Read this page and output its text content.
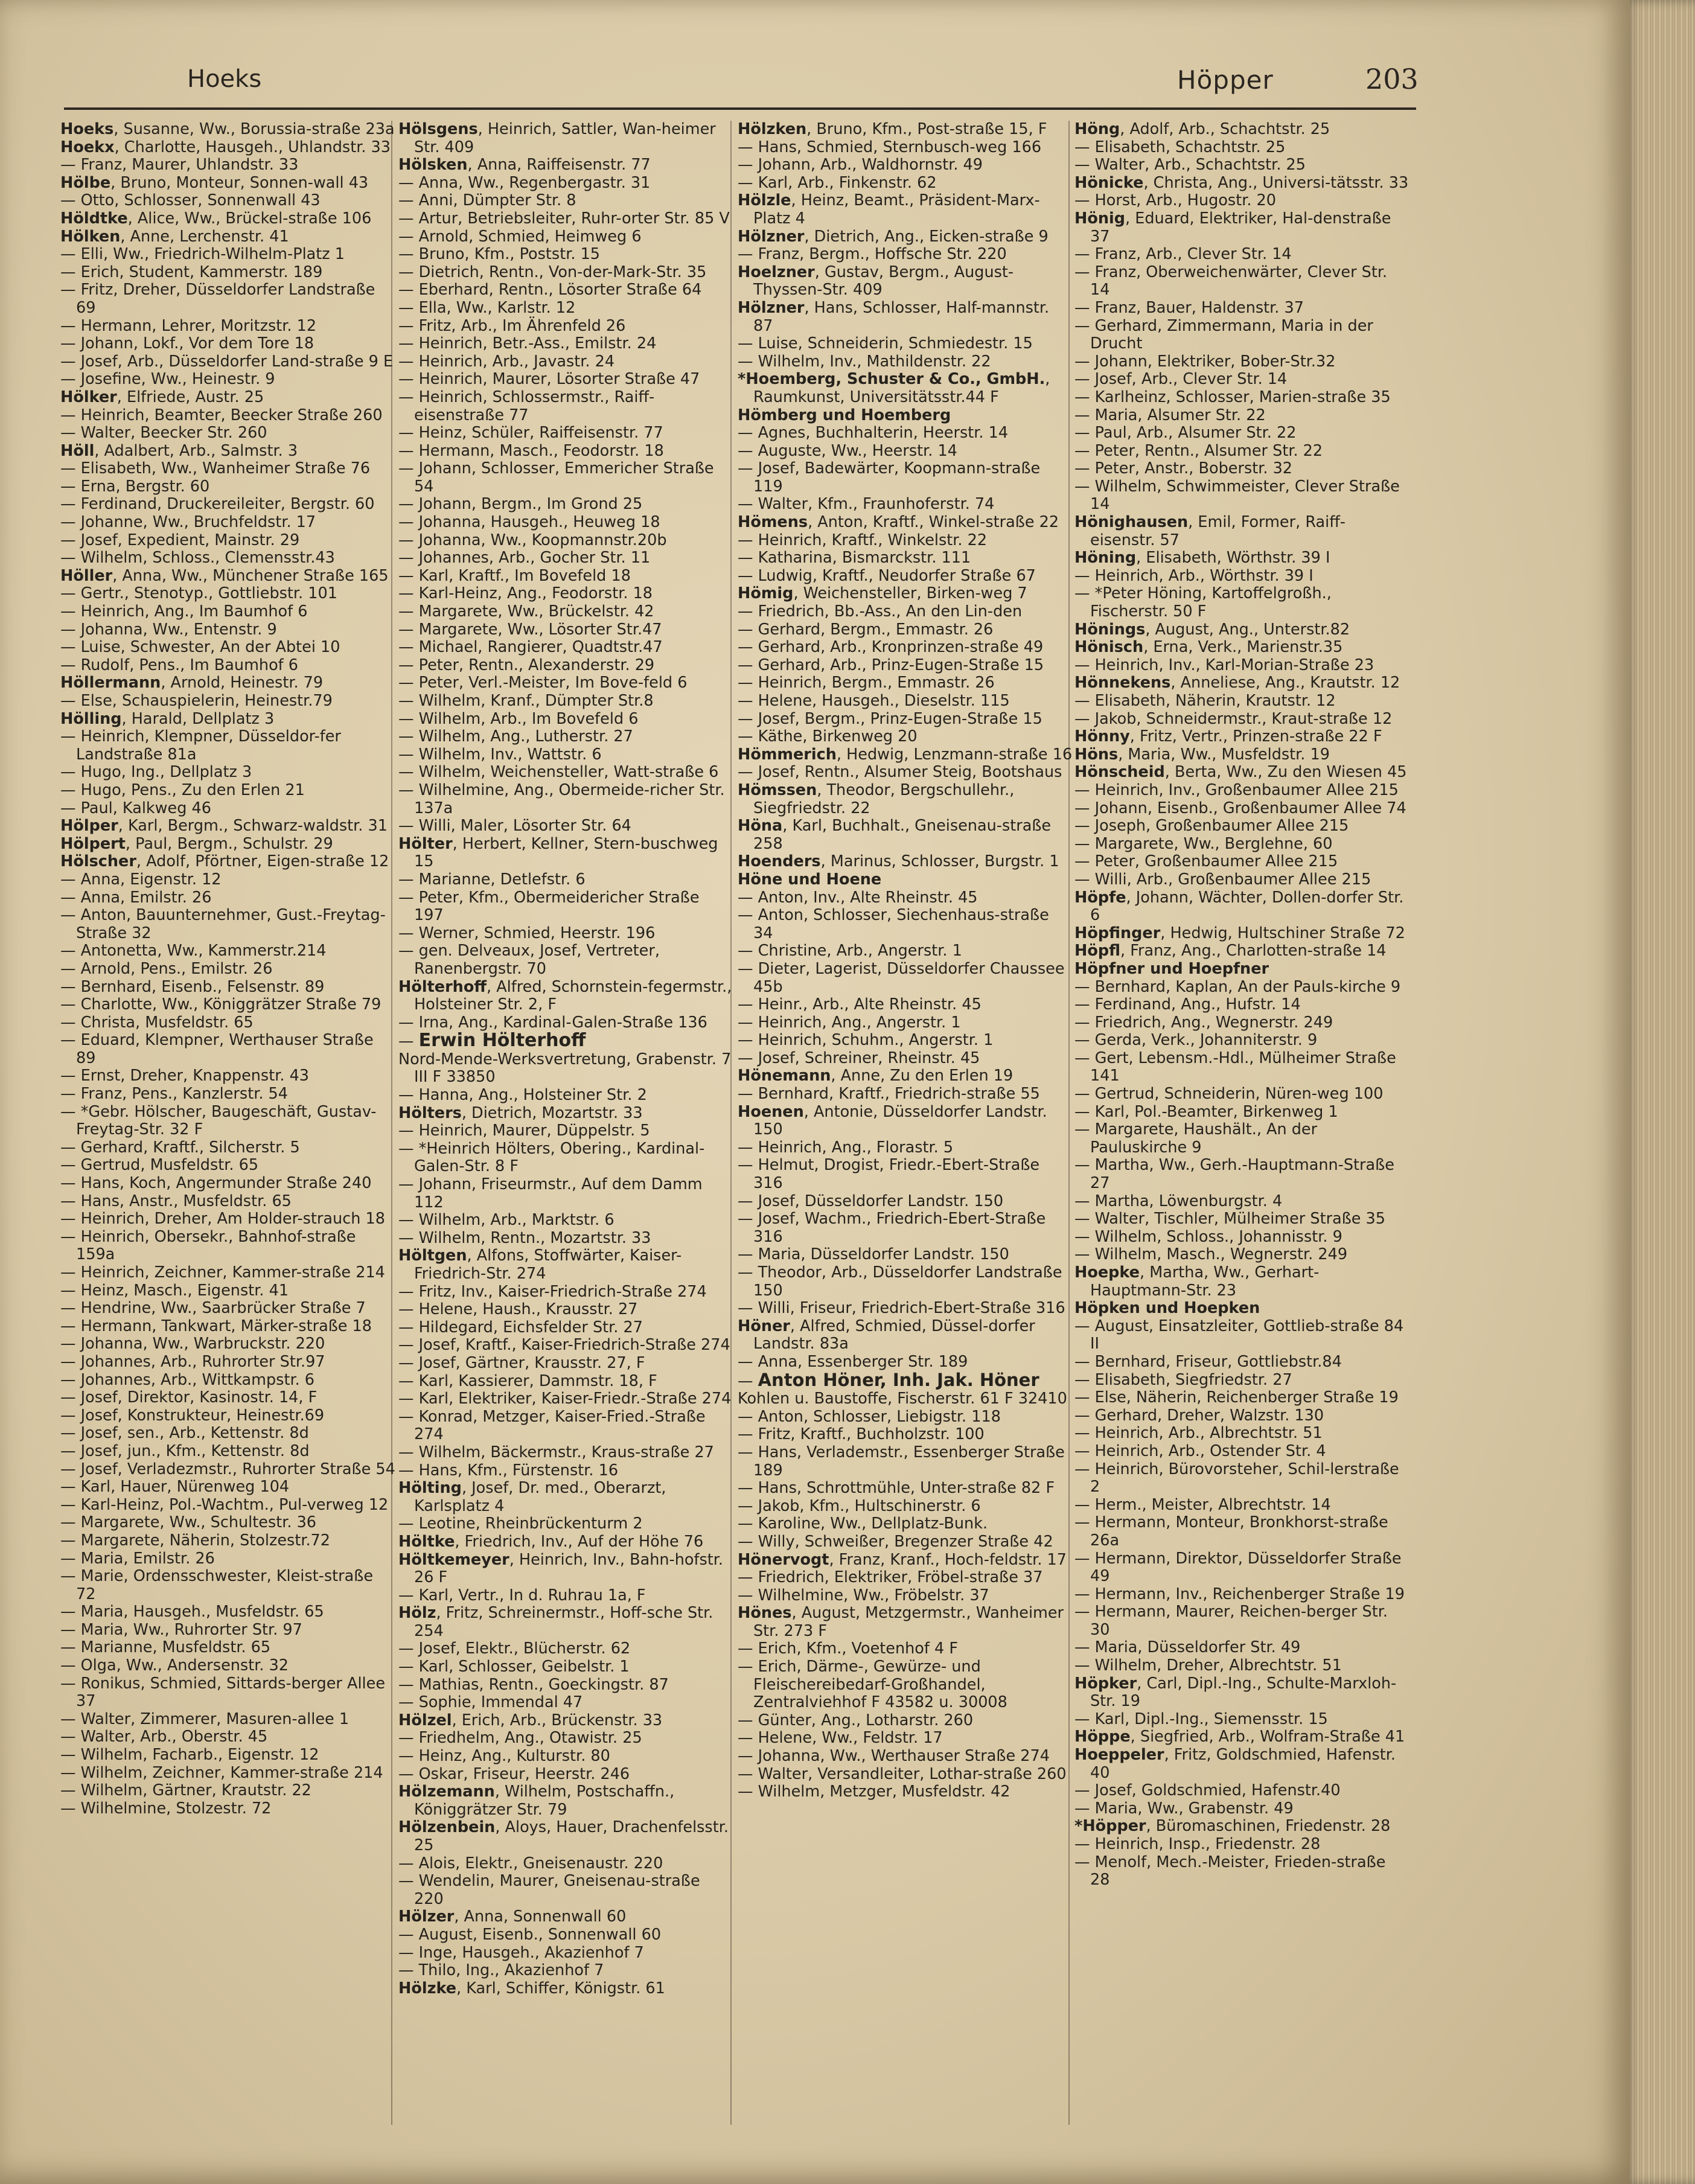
Hoeks	Höpper	203
Hoeks, Susanne, Ww., Borussia-straße 23a
Hoekx, Charlotte, Hausgeh., Uhlandstr. 33
— Franz, Maurer, Uhlandstr. 33
Hölbe, Bruno, Monteur, Sonnen-wall 43
— Otto, Schlosser, Sonnenwall 43
Höldtke, Alice, Ww., Brückel-straße 106
Hölken, Anne, Lerchenstr. 41
— Elli, Ww., Friedrich-Wilhelm-Platz 1
— Erich, Student, Kammerstr. 189
— Fritz, Dreher, Düsseldorfer Landstraße 69
— Hermann, Lehrer, Moritzstr. 12
— Johann, Lokf., Vor dem Tore 18
— Josef, Arb., Düsseldorfer Land-straße 9 E
— Josefine, Ww., Heinestr. 9
Hölker, Elfriede, Austr. 25
— Heinrich, Beamter, Beecker Straße 260
— Walter, Beecker Str. 260
Höll, Adalbert, Arb., Salmstr. 3
— Elisabeth, Ww., Wanheimer Straße 76
— Erna, Bergstr. 60
— Ferdinand, Druckereileiter, Bergstr. 60
— Johanne, Ww., Bruchfeldstr. 17
— Josef, Expedient, Mainstr. 29
— Wilhelm, Schloss., Clemensstr.43
Höller, Anna, Ww., Münchener Straße 165
— Gertr., Stenotyp., Gottliebstr. 101
— Heinrich, Ang., Im Baumhof 6
— Johanna, Ww., Entenstr. 9
— Luise, Schwester, An der Abtei 10
— Rudolf, Pens., Im Baumhof 6
Höllermann, Arnold, Heinestr. 79
— Else, Schauspielerin, Heinestr.79
Hölling, Harald, Dellplatz 3
— Heinrich, Klempner, Düsseldor-fer Landstraße 81a
— Hugo, Ing., Dellplatz 3
— Hugo, Pens., Zu den Erlen 21
— Paul, Kalkweg 46
Hölper, Karl, Bergm., Schwarz-waldstr. 31
Hölpert, Paul, Bergm., Schulstr. 29
Hölscher, Adolf, Pförtner, Eigen-straße 12
— Anna, Eigenstr. 12
— Anna, Emilstr. 26
— Anton, Bauunternehmer, Gust.-Freytag-Straße 32
— Antonetta, Ww., Kammerstr.214
— Arnold, Pens., Emilstr. 26
— Bernhard, Eisenb., Felsenstr. 89
— Charlotte, Ww., Königgrätzer Straße 79
— Christa, Musfeldstr. 65
— Eduard, Klempner, Werthauser Straße 89
— Ernst, Dreher, Knappenstr. 43
— Franz, Pens., Kanzlerstr. 54
— *Gebr. Hölscher, Baugeschäft, Gustav-Freytag-Str. 32 F
— Gerhard, Kraftf., Silcherstr. 5
— Gertrud, Musfeldstr. 65
— Hans, Koch, Angermunder Straße 240
— Hans, Anstr., Musfeldstr. 65
— Heinrich, Dreher, Am Holder-strauch 18
— Heinrich, Obersekr., Bahnhof-straße 159a
— Heinrich, Zeichner, Kammer-straße 214
— Heinz, Masch., Eigenstr. 41
— Hendrine, Ww., Saarbrücker Straße 7
— Hermann, Tankwart, Märker-straße 18
— Johanna, Ww., Warbruckstr. 220
— Johannes, Arb., Ruhrorter Str.97
— Johannes, Arb., Wittkampstr. 6
— Josef, Direktor, Kasinostr. 14, F
— Josef, Konstrukteur, Heinestr.69
— Josef, sen., Arb., Kettenstr. 8d
— Josef, jun., Kfm., Kettenstr. 8d
— Josef, Verladezmstr., Ruhrorter Straße 54
— Karl, Hauer, Nürenweg 104
— Karl-Heinz, Pol.-Wachtm., Pul-verweg 12
— Margarete, Ww., Schultestr. 36
— Margarete, Näherin, Stolzestr.72
— Maria, Emilstr. 26
— Marie, Ordensschwester, Kleist-straße 72
— Maria, Hausgeh., Musfeldstr. 65
— Maria, Ww., Ruhrorter Str. 97
— Marianne, Musfeldstr. 65
— Olga, Ww., Andersenstr. 32
— Ronikus, Schmied, Sittards-berger Allee 37
— Walter, Zimmerer, Masuren-allee 1
— Walter, Arb., Oberstr. 45
— Wilhelm, Facharb., Eigenstr. 12
— Wilhelm, Zeichner, Kammer-straße 214
— Wilhelm, Gärtner, Krautstr. 22
— Wilhelmine, Stolzestr. 72
Hölsgens, Heinrich, Sattler, Wan-heimer Str. 409
Hölsken, Anna, Raiffeisenstr. 77
— Anna, Ww., Regenbergastr. 31
— Anni, Dümpter Str. 8
— Artur, Betriebsleiter, Ruhr-orter Str. 85 V
— Arnold, Schmied, Heimweg 6
— Bruno, Kfm., Poststr. 15
— Dietrich, Rentn., Von-der-Mark-Str. 35
— Eberhard, Rentn., Lösorter Straße 64
— Ella, Ww., Karlstr. 12
— Fritz, Arb., Im Ährenfeld 26
— Heinrich, Betr.-Ass., Emilstr. 24
— Heinrich, Arb., Javastr. 24
— Heinrich, Maurer, Lösorter Straße 47
— Heinrich, Schlossermstr., Raiff-eisenstraße 77
— Heinz, Schüler, Raiffeisenstr. 77
— Hermann, Masch., Feodorstr. 18
— Johann, Schlosser, Emmericher Straße 54
— Johann, Bergm., Im Grond 25
— Johanna, Hausgeh., Heuweg 18
— Johanna, Ww., Koopmannstr.20b
— Johannes, Arb., Gocher Str. 11
— Karl, Kraftf., Im Bovefeld 18
— Karl-Heinz, Ang., Feodorstr. 18
— Margarete, Ww., Brückelstr. 42
— Margarete, Ww., Lösorter Str.47
— Michael, Rangierer, Quadtstr.47
— Peter, Rentn., Alexanderstr. 29
— Peter, Verl.-Meister, Im Bove-feld 6
— Wilhelm, Kranf., Dümpter Str.8
— Wilhelm, Arb., Im Bovefeld 6
— Wilhelm, Ang., Lutherstr. 27
— Wilhelm, Inv., Wattstr. 6
— Wilhelm, Weichensteller, Watt-straße 6
— Wilhelmine, Ang., Obermeide-richer Str. 137a
— Willi, Maler, Lösorter Str. 64
Hölter, Herbert, Kellner, Stern-buschweg 15
— Marianne, Detlefstr. 6
— Peter, Kfm., Obermeidericher Straße 197
— Werner, Schmied, Heerstr. 196
— gen. Delveaux, Josef, Vertreter, Ranenbergstr. 70
Hölterhoff, Alfred, Schornstein-fegermstr., Holsteiner Str. 2, F
— Irna, Ang., Kardinal-Galen-Straße 136
— Erwin Hölterhoff
Nord-Mende-Werksvertretung, Grabenstr. 7 III F 33850
— Hanna, Ang., Holsteiner Str. 2
Hölters, Dietrich, Mozartstr. 33
— Heinrich, Maurer, Düppelstr. 5
— *Heinrich Hölters, Obering., Kardinal-Galen-Str. 8 F
— Johann, Friseurmstr., Auf dem Damm 112
— Wilhelm, Arb., Marktstr. 6
— Wilhelm, Rentn., Mozartstr. 33
Höltgen, Alfons, Stoffwärter, Kaiser-Friedrich-Str. 274
— Fritz, Inv., Kaiser-Friedrich-Straße 274
— Helene, Haush., Krausstr. 27
— Hildegard, Eichsfelder Str. 27
— Josef, Kraftf., Kaiser-Friedrich-Straße 274
— Josef, Gärtner, Krausstr. 27, F
— Karl, Kassierer, Dammstr. 18, F
— Karl, Elektriker, Kaiser-Friedr.-Straße 274
— Konrad, Metzger, Kaiser-Fried.-Straße 274
— Wilhelm, Bäckermstr., Kraus-straße 27
— Hans, Kfm., Fürstenstr. 16
Hölting, Josef, Dr. med., Oberarzt, Karlsplatz 4
— Leotine, Rheinbrückenturm 2
Höltke, Friedrich, Inv., Auf der Höhe 76
Höltkemeyer, Heinrich, Inv., Bahn-hofstr. 26 F
— Karl, Vertr., In d. Ruhrau 1a, F
Hölz, Fritz, Schreinermstr., Hoff-sche Str. 254
— Josef, Elektr., Blücherstr. 62
— Karl, Schlosser, Geibelstr. 1
— Mathias, Rentn., Goeckingstr. 87
— Sophie, Immendal 47
Hölzel, Erich, Arb., Brückenstr. 33
— Friedhelm, Ang., Otawistr. 25
— Heinz, Ang., Kulturstr. 80
— Oskar, Friseur, Heerstr. 246
Hölzemann, Wilhelm, Postschaffn., Königgrätzer Str. 79
Hölzenbein, Aloys, Hauer, Drachenfelsstr. 25
— Alois, Elektr., Gneisenaustr. 220
— Wendelin, Maurer, Gneisenau-straße 220
Hölzer, Anna, Sonnenwall 60
— August, Eisenb., Sonnenwall 60
— Inge, Hausgeh., Akazienhof 7
— Thilo, Ing., Akazienhof 7
Hölzke, Karl, Schiffer, Königstr. 61
Hölzken, Bruno, Kfm., Post-straße 15, F
— Hans, Schmied, Sternbusch-weg 166
— Johann, Arb., Waldhornstr. 49
— Karl, Arb., Finkenstr. 62
Hölzle, Heinz, Beamt., Präsident-Marx-Platz 4
Hölzner, Dietrich, Ang., Eicken-straße 9
— Franz, Bergm., Hoffsche Str. 220
Hoelzner, Gustav, Bergm., August-Thyssen-Str. 409
Hölzner, Hans, Schlosser, Half-mannstr. 87
— Luise, Schneiderin, Schmiedestr. 15
— Wilhelm, Inv., Mathildenstr. 22
*Hoemberg, Schuster & Co., GmbH., Raumkunst, Universitätsstr.44 F
Hömberg und Hoemberg
— Agnes, Buchhalterin, Heerstr. 14
— Auguste, Ww., Heerstr. 14
— Josef, Badewärter, Koopmann-straße 119
— Walter, Kfm., Fraunhoferstr. 74
Hömens, Anton, Kraftf., Winkel-straße 22
— Heinrich, Kraftf., Winkelstr. 22
— Katharina, Bismarckstr. 111
— Ludwig, Kraftf., Neudorfer Straße 67
Hömig, Weichensteller, Birken-weg 7
— Friedrich, Bb.-Ass., An den Lin-den
— Gerhard, Bergm., Emmastr. 26
— Gerhard, Arb., Kronprinzen-straße 49
— Gerhard, Arb., Prinz-Eugen-Straße 15
— Heinrich, Bergm., Emmastr. 26
— Helene, Hausgeh., Dieselstr. 115
— Josef, Bergm., Prinz-Eugen-Straße 15
— Käthe, Birkenweg 20
Hömmerich, Hedwig, Lenzmann-straße 16
— Josef, Rentn., Alsumer Steig, Bootshaus
Hömssen, Theodor, Bergschullehr., Siegfriedstr. 22
Höna, Karl, Buchhalt., Gneisenau-straße 258
Hoenders, Marinus, Schlosser, Burgstr. 1
Höne und Hoene
— Anton, Inv., Alte Rheinstr. 45
— Anton, Schlosser, Siechenhaus-straße 34
— Christine, Arb., Angerstr. 1
— Dieter, Lagerist, Düsseldorfer Chaussee 45b
— Heinr., Arb., Alte Rheinstr. 45
— Heinrich, Ang., Angerstr. 1
— Heinrich, Schuhm., Angerstr. 1
— Josef, Schreiner, Rheinstr. 45
Hönemann, Anne, Zu den Erlen 19
— Bernhard, Kraftf., Friedrich-straße 55
Hoenen, Antonie, Düsseldorfer Landstr. 150
— Heinrich, Ang., Florastr. 5
— Helmut, Drogist, Friedr.-Ebert-Straße 316
— Josef, Düsseldorfer Landstr. 150
— Josef, Wachm., Friedrich-Ebert-Straße 316
— Maria, Düsseldorfer Landstr. 150
— Theodor, Arb., Düsseldorfer Landstraße 150
— Willi, Friseur, Friedrich-Ebert-Straße 316
Höner, Alfred, Schmied, Düssel-dorfer Landstr. 83a
— Anna, Essenberger Str. 189
— Anton Höner, Inh. Jak. Höner
Kohlen u. Baustoffe, Fischerstr. 61 F 32410
— Anton, Schlosser, Liebigstr. 118
— Fritz, Kraftf., Buchholzstr. 100
— Hans, Verlademstr., Essenberger Straße 189
— Hans, Schrottmühle, Unter-straße 82 F
— Jakob, Kfm., Hultschinerstr. 6
— Karoline, Ww., Dellplatz-Bunk.
— Willy, Schweißer, Bregenzer Straße 42
Hönervogt, Franz, Kranf., Hoch-feldstr. 17
— Friedrich, Elektriker, Fröbel-straße 37
— Wilhelmine, Ww., Fröbelstr. 37
Hönes, August, Metzgermstr., Wanheimer Str. 273 F
— Erich, Kfm., Voetenhof 4 F
— Erich, Därme-, Gewürze- und Fleischereibedarf-Großhandel, Zentralviehhof F 43582 u. 30008
— Günter, Ang., Lotharstr. 260
— Helene, Ww., Feldstr. 17
— Johanna, Ww., Werthauser Straße 274
— Walter, Versandleiter, Lothar-straße 260
— Wilhelm, Metzger, Musfeldstr. 42
Höng, Adolf, Arb., Schachtstr. 25
— Elisabeth, Schachtstr. 25
— Walter, Arb., Schachtstr. 25
Hönicke, Christa, Ang., Universi-tätsstr. 33
— Horst, Arb., Hugostr. 20
Hönig, Eduard, Elektriker, Hal-denstraße 37
— Franz, Arb., Clever Str. 14
— Franz, Oberweichenwärter, Clever Str. 14
— Franz, Bauer, Haldenstr. 37
— Gerhard, Zimmermann, Maria in der Drucht
— Johann, Elektriker, Bober-Str.32
— Josef, Arb., Clever Str. 14
— Karlheinz, Schlosser, Marien-straße 35
— Maria, Alsumer Str. 22
— Paul, Arb., Alsumer Str. 22
— Peter, Rentn., Alsumer Str. 22
— Peter, Anstr., Boberstr. 32
— Wilhelm, Schwimmeister, Clever Straße 14
Hönighausen, Emil, Former, Raiff-eisenstr. 57
Höning, Elisabeth, Wörthstr. 39 I
— Heinrich, Arb., Wörthstr. 39 I
— *Peter Höning, Kartoffelgroßh., Fischerstr. 50 F
Hönings, August, Ang., Unterstr.82
Hönisch, Erna, Verk., Marienstr.35
— Heinrich, Inv., Karl-Morian-Straße 23
Hönnekens, Anneliese, Ang., Krautstr. 12
— Elisabeth, Näherin, Krautstr. 12
— Jakob, Schneidermstr., Kraut-straße 12
Hönny, Fritz, Vertr., Prinzen-straße 22 F
Höns, Maria, Ww., Musfeldstr. 19
Hönscheid, Berta, Ww., Zu den Wiesen 45
— Heinrich, Inv., Großenbaumer Allee 215
— Johann, Eisenb., Großenbaumer Allee 74
— Joseph, Großenbaumer Allee 215
— Margarete, Ww., Berglehne, 60
— Peter, Großenbaumer Allee 215
— Willi, Arb., Großenbaumer Allee 215
Höpfe, Johann, Wächter, Dollen-dorfer Str. 6
Höpfinger, Hedwig, Hultschiner Straße 72
Höpfl, Franz, Ang., Charlotten-straße 14
Höpfner und Hoepfner
— Bernhard, Kaplan, An der Pauls-kirche 9
— Ferdinand, Ang., Hufstr. 14
— Friedrich, Ang., Wegnerstr. 249
— Gerda, Verk., Johanniterstr. 9
— Gert, Lebensm.-Hdl., Mülheimer Straße 141
— Gertrud, Schneiderin, Nüren-weg 100
— Karl, Pol.-Beamter, Birkenweg 1
— Margarete, Haushält., An der Pauluskirche 9
— Martha, Ww., Gerh.-Hauptmann-Straße 27
— Martha, Löwenburgstr. 4
— Walter, Tischler, Mülheimer Straße 35
— Wilhelm, Schloss., Johannisstr. 9
— Wilhelm, Masch., Wegnerstr. 249
Hoepke, Martha, Ww., Gerhart-Hauptmann-Str. 23
Höpken und Hoepken
— August, Einsatzleiter, Gottlieb-straße 84 II
— Bernhard, Friseur, Gottliebstr.84
— Elisabeth, Siegfriedstr. 27
— Else, Näherin, Reichenberger Straße 19
— Gerhard, Dreher, Walzstr. 130
— Heinrich, Arb., Albrechtstr. 51
— Heinrich, Arb., Ostender Str. 4
— Heinrich, Bürovorsteher, Schil-lerstraße 2
— Herm., Meister, Albrechtstr. 14
— Hermann, Monteur, Bronkhorst-straße 26a
— Hermann, Direktor, Düsseldorfer Straße 49
— Hermann, Inv., Reichenberger Straße 19
— Hermann, Maurer, Reichen-berger Str. 30
— Maria, Düsseldorfer Str. 49
— Wilhelm, Dreher, Albrechtstr. 51
Höpker, Carl, Dipl.-Ing., Schulte-Marxloh-Str. 19
— Karl, Dipl.-Ing., Siemensstr. 15
Höppe, Siegfried, Arb., Wolfram-Straße 41
Hoeppeler, Fritz, Goldschmied, Hafenstr. 40
— Josef, Goldschmied, Hafenstr.40
— Maria, Ww., Grabenstr. 49
*Höpper, Büromaschinen, Friedenstr. 28
— Heinrich, Insp., Friedenstr. 28
— Menolf, Mech.-Meister, Frieden-straße 28
